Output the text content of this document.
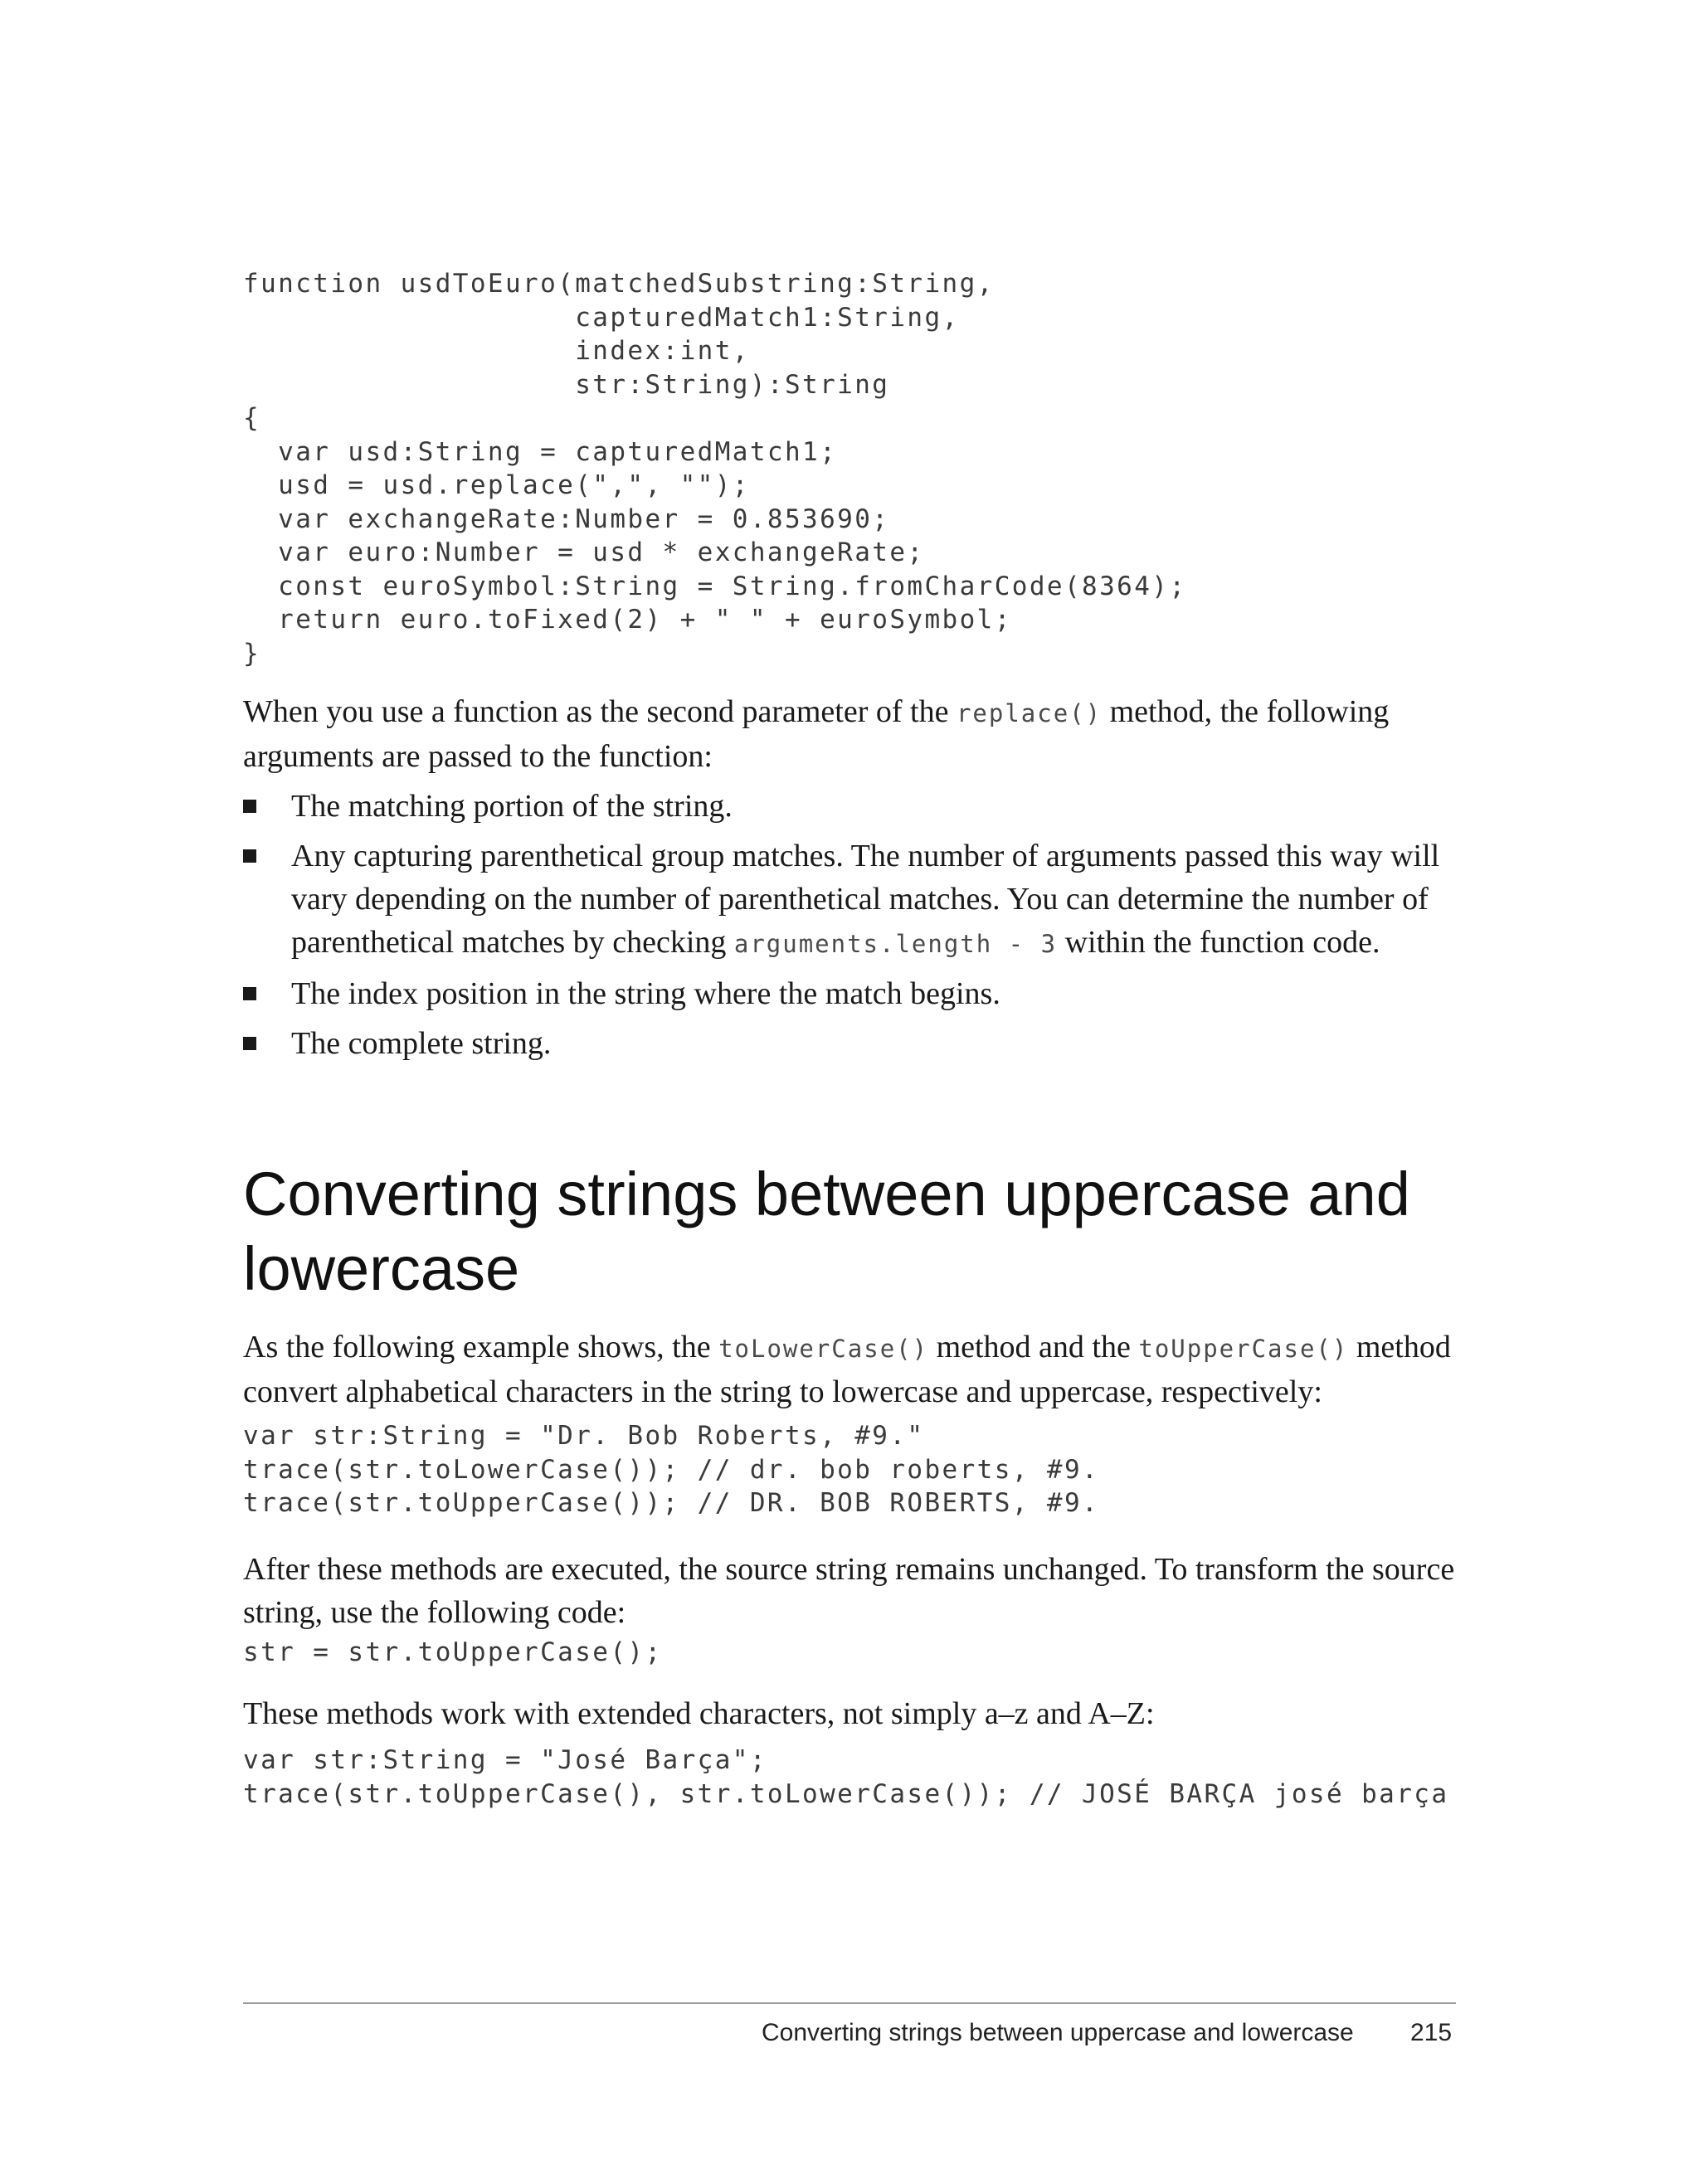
function usdToEuro(matchedSubstring:String,
capturedMatch1:String,
index:int,
str:String):String
{
var usd:String = capturedMatch1;
usd = usd.replace(",", "");
var exchangeRate:Number = 0.853690;
var euro:Number = usd * exchangeRate;
const euroSymbol:String = String.fromCharCode(8364);
return euro.toFixed(2) + " " + euroSymbol;
}

When you use a function as the second parameter of the replace() method, the following arguments are passed to the function:

The matching portion of the string.
Any capturing parenthetical group matches. The number of arguments passed this way will vary depending on the number of parenthetical matches. You can determine the number of parenthetical matches by checking arguments.length - 3 within the function code.
The index position in the string where the match begins.
The complete string.
Converting strings between uppercase and lowercase

As the following example shows, the toLowerCase() method and the toUpperCase() method convert alphabetical characters in the string to lowercase and uppercase, respectively:

var str:String = "Dr. Bob Roberts, #9."
trace(str.toLowerCase()); // dr. bob roberts, #9.
trace(str.toUpperCase()); // DR. BOB ROBERTS, #9.

After these methods are executed, the source string remains unchanged. To transform the source string, use the following code:

str = str.toUpperCase();

These methods work with extended characters, not simply a–z and A–Z:

var str:String = "José Barça";
trace(str.toUpperCase(), str.toLowerCase()); // JOSÉ BARÇA josé barça
Converting strings between uppercase and lowercase 215
